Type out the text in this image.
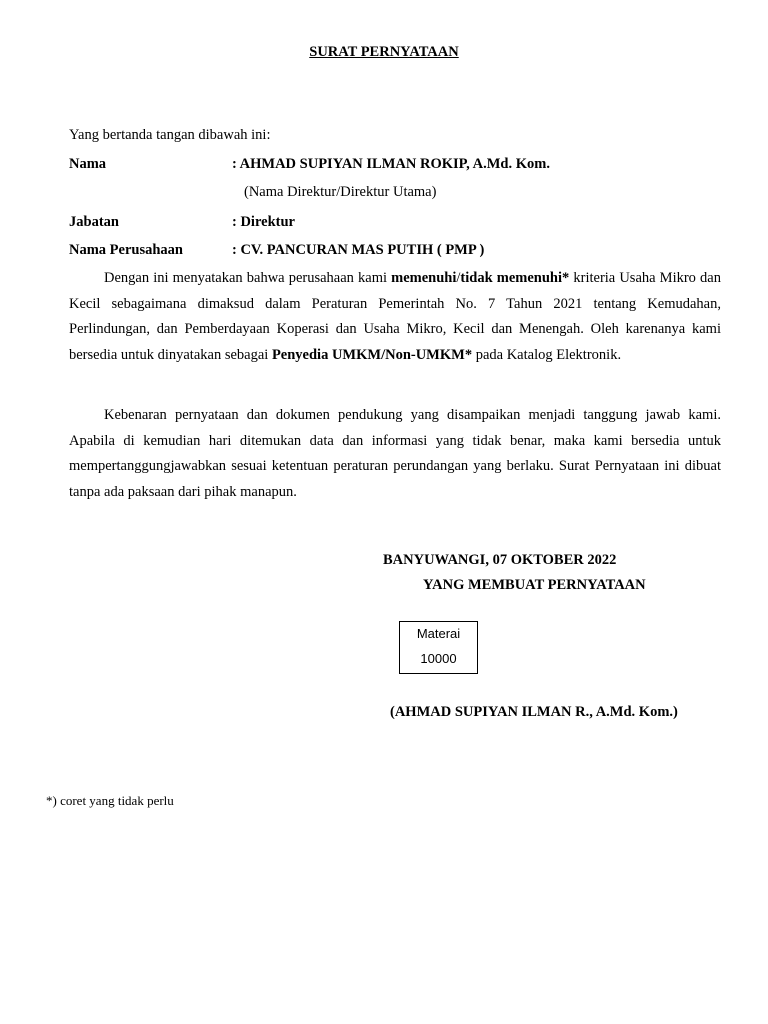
SURAT PERNYATAAN
Yang bertanda tangan dibawah ini:
Nama	: AHMAD SUPIYAN ILMAN ROKIP, A.Md. Kom.
(Nama Direktur/Direktur Utama)
Jabatan	: Direktur
Nama Perusahaan	: CV. PANCURAN MAS PUTIH ( PMP )
Dengan ini menyatakan bahwa perusahaan kami memenuhi/tidak memenuhi* kriteria Usaha Mikro dan Kecil sebagaimana dimaksud dalam Peraturan Pemerintah No. 7 Tahun 2021 tentang Kemudahan, Perlindungan, dan Pemberdayaan Koperasi dan Usaha Mikro, Kecil dan Menengah. Oleh karenanya kami bersedia untuk dinyatakan sebagai Penyedia UMKM/Non-UMKM* pada Katalog Elektronik.
Kebenaran pernyataan dan dokumen pendukung yang disampaikan menjadi tanggung jawab kami. Apabila di kemudian hari ditemukan data dan informasi yang tidak benar, maka kami bersedia untuk mempertanggungjawabkan sesuai ketentuan peraturan perundangan yang berlaku. Surat Pernyataan ini dibuat tanpa ada paksaan dari pihak manapun.
BANYUWANGI, 07 OKTOBER 2022
YANG MEMBUAT PERNYATAAN
Materai
10000
(AHMAD SUPIYAN ILMAN R., A.Md. Kom.)
*) coret yang tidak perlu
